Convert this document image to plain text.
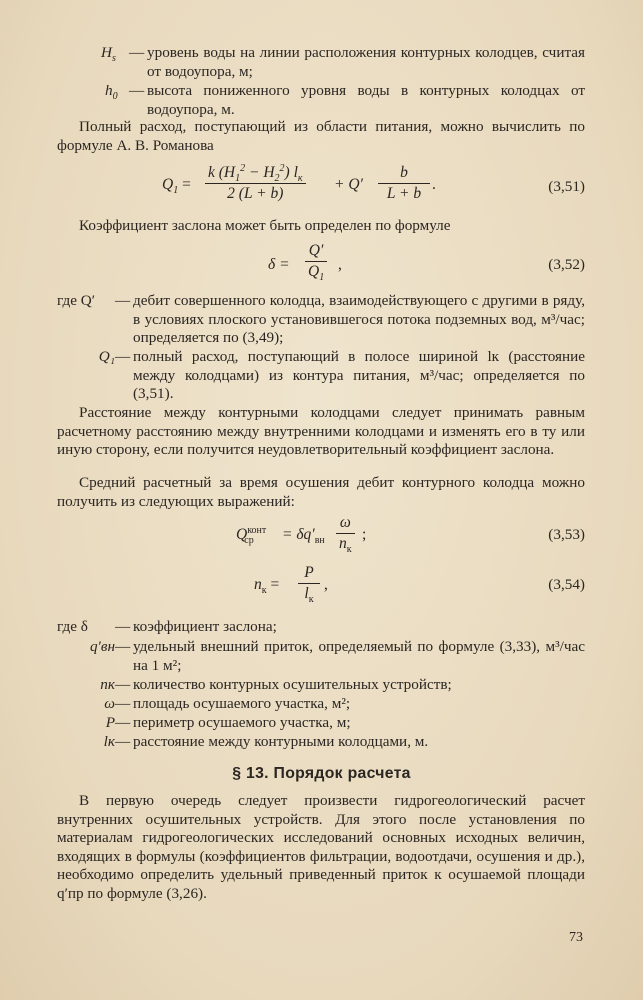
$H_s$ — уровень воды на линии расположения контурных колодцев, считая от водоупора, м;
$h_0$ — высота пониженного уровня воды в контурных колодцах от водоупора, м.
Полный расход, поступающий из области питания, можно вычислить по формуле А. В. Романова
$Q_1 = \frac{k (H_1^2 - H_2^2) l_к}{2 (L + b)} + Q' \frac{b}{L + b}$ .	(3,51)
Коэффициент заслона может быть определен по формуле
$\delta = \frac{Q'}{Q_1}$ ,	(3,52)
где Q′	— дебит совершенного колодца, взаимодействующего с другими в ряду, в условиях плоского установившегося потока подземных вод, м³/час; определяется по (3,49);
Q₁ — полный расход, поступающий в полосе шириной lк (расстояние между колодцами) из контура питания, м³/час; определяется по (3,51).
Расстояние между контурными колодцами следует принимать равным расчетному расстоянию между внутренними колодцами и изменять его в ту или иную сторону, если получится неудовлетворительный коэффициент заслона.
Средний расчетный за время осушения дебит контурного колодца можно получить из следующих выражений:
$Q^{конт}_{ср} = \delta q'_{вн} \frac{\omega}{n_к}$ ;	(3,53)
$n_к = \frac{P}{l_к}$ ,	(3,54)
где δ	— коэффициент заслона;
q′вн — удельный внешний приток, определяемый по формуле (3,33), м³/час на 1 м²;
nк — количество контурных осушительных устройств;
ω — площадь осушаемого участка, м²;
P — периметр осушаемого участка, м;
lк — расстояние между контурными колодцами, м.
§ 13. Порядок расчета
В первую очередь следует произвести гидрогеологический расчет внутренних осушительных устройств. Для этого после установления по материалам гидрогеологических исследований основных исходных величин, входящих в формулы (коэффициентов фильтрации, водоотдачи, осушения и др.), необходимо определить удельный приведенный приток к осушаемой площади q′пр по формуле (3,26).
73
